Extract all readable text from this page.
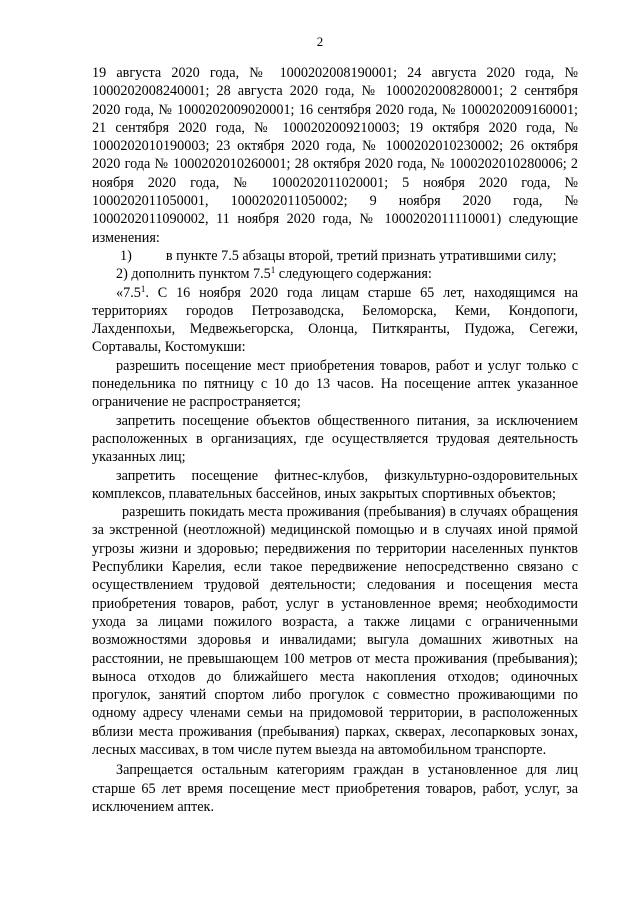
2

19 августа 2020 года, № 1000202008190001; 24 августа 2020 года, № 1000202008240001; 28 августа 2020 года, № 1000202008280001; 2 сентября 2020 года, № 1000202009020001; 16 сентября 2020 года, № 1000202009160001; 21 сентября 2020 года, № 1000202009210003; 19 октября 2020 года, № 1000202010190003; 23 октября 2020 года, № 1000202010230002; 26 октября 2020 года № 1000202010260001; 28 октября 2020 года, № 1000202010280006; 2 ноября 2020 года, № 1000202011020001; 5 ноября 2020 года, № 1000202011050001, 1000202011050002; 9 ноября 2020 года, № 1000202011090002, 11 ноября 2020 года, № 1000202011110001) следующие изменения:

1) в пункте 7.5 абзацы второй, третий признать утратившими силу;

2) дополнить пунктом $7.5^1$ следующего содержания:

«$7.5^1$. С 16 ноября 2020 года лицам старше 65 лет, находящимся на территориях городов Петрозаводска, Беломорска, Кеми, Кондопоги, Лахденпохьи, Медвежьегорска, Олонца, Питкяранты, Пудожа, Сегежи, Сортавалы, Костомукши:

разрешить посещение мест приобретения товаров, работ и услуг только с понедельника по пятницу с 10 до 13 часов. На посещение аптек указанное ограничение не распространяется;

запретить посещение объектов общественного питания, за исключением расположенных в организациях, где осуществляется трудовая деятельность указанных лиц;

запретить посещение фитнес-клубов, физкультурно-оздоровительных комплексов, плавательных бассейнов, иных закрытых спортивных объектов;

разрешить покидать места проживания (пребывания) в случаях обращения за экстренной (неотложной) медицинской помощью и в случаях иной прямой угрозы жизни и здоровью; передвижения по территории населенных пунктов Республики Карелия, если такое передвижение непосредственно связано с осуществлением трудовой деятельности; следования и посещения места приобретения товаров, работ, услуг в установленное время; необходимости ухода за лицами пожилого возраста, а также лицами с ограниченными возможностями здоровья и инвалидами; выгула домашних животных на расстоянии, не превышающем 100 метров от места проживания (пребывания); выноса отходов до ближайшего места накопления отходов; одиночных прогулок, занятий спортом либо прогулок с совместно проживающими по одному адресу членами семьи на придомовой территории, в расположенных вблизи места проживания (пребывания) парках, скверах, лесопарковых зонах, лесных массивах, в том числе путем выезда на автомобильном транспорте.

Запрещается остальным категориям граждан в установленное для лиц старше 65 лет время посещение мест приобретения товаров, работ, услуг, за исключением аптек.
